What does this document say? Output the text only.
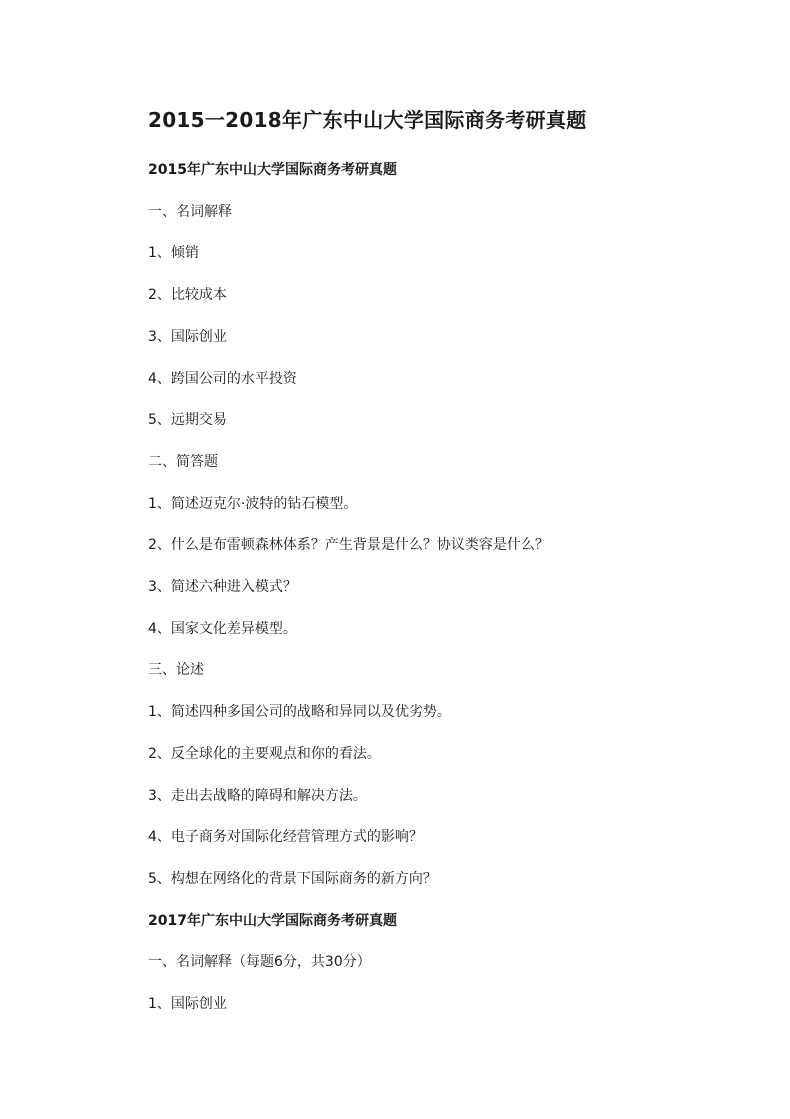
2015一2018年广东中山大学国际商务考研真题
2015年广东中山大学国际商务考研真题
一、名词解释
1、倾销
2、比较成本
3、国际创业
4、跨国公司的水平投资
5、远期交易
二、简答题
1、简述迈克尔·波特的钻石模型。
2、什么是布雷顿森林体系？产生背景是什么？协议类容是什么？
3、简述六种进入模式？
4、国家文化差异模型。
三、论述
1、简述四种多国公司的战略和异同以及优劣势。
2、反全球化的主要观点和你的看法。
3、走出去战略的障碍和解决方法。
4、电子商务对国际化经营管理方式的影响？
5、构想在网络化的背景下国际商务的新方向？
2017年广东中山大学国际商务考研真题
一、名词解释（每题6分，共30分）
1、国际创业
